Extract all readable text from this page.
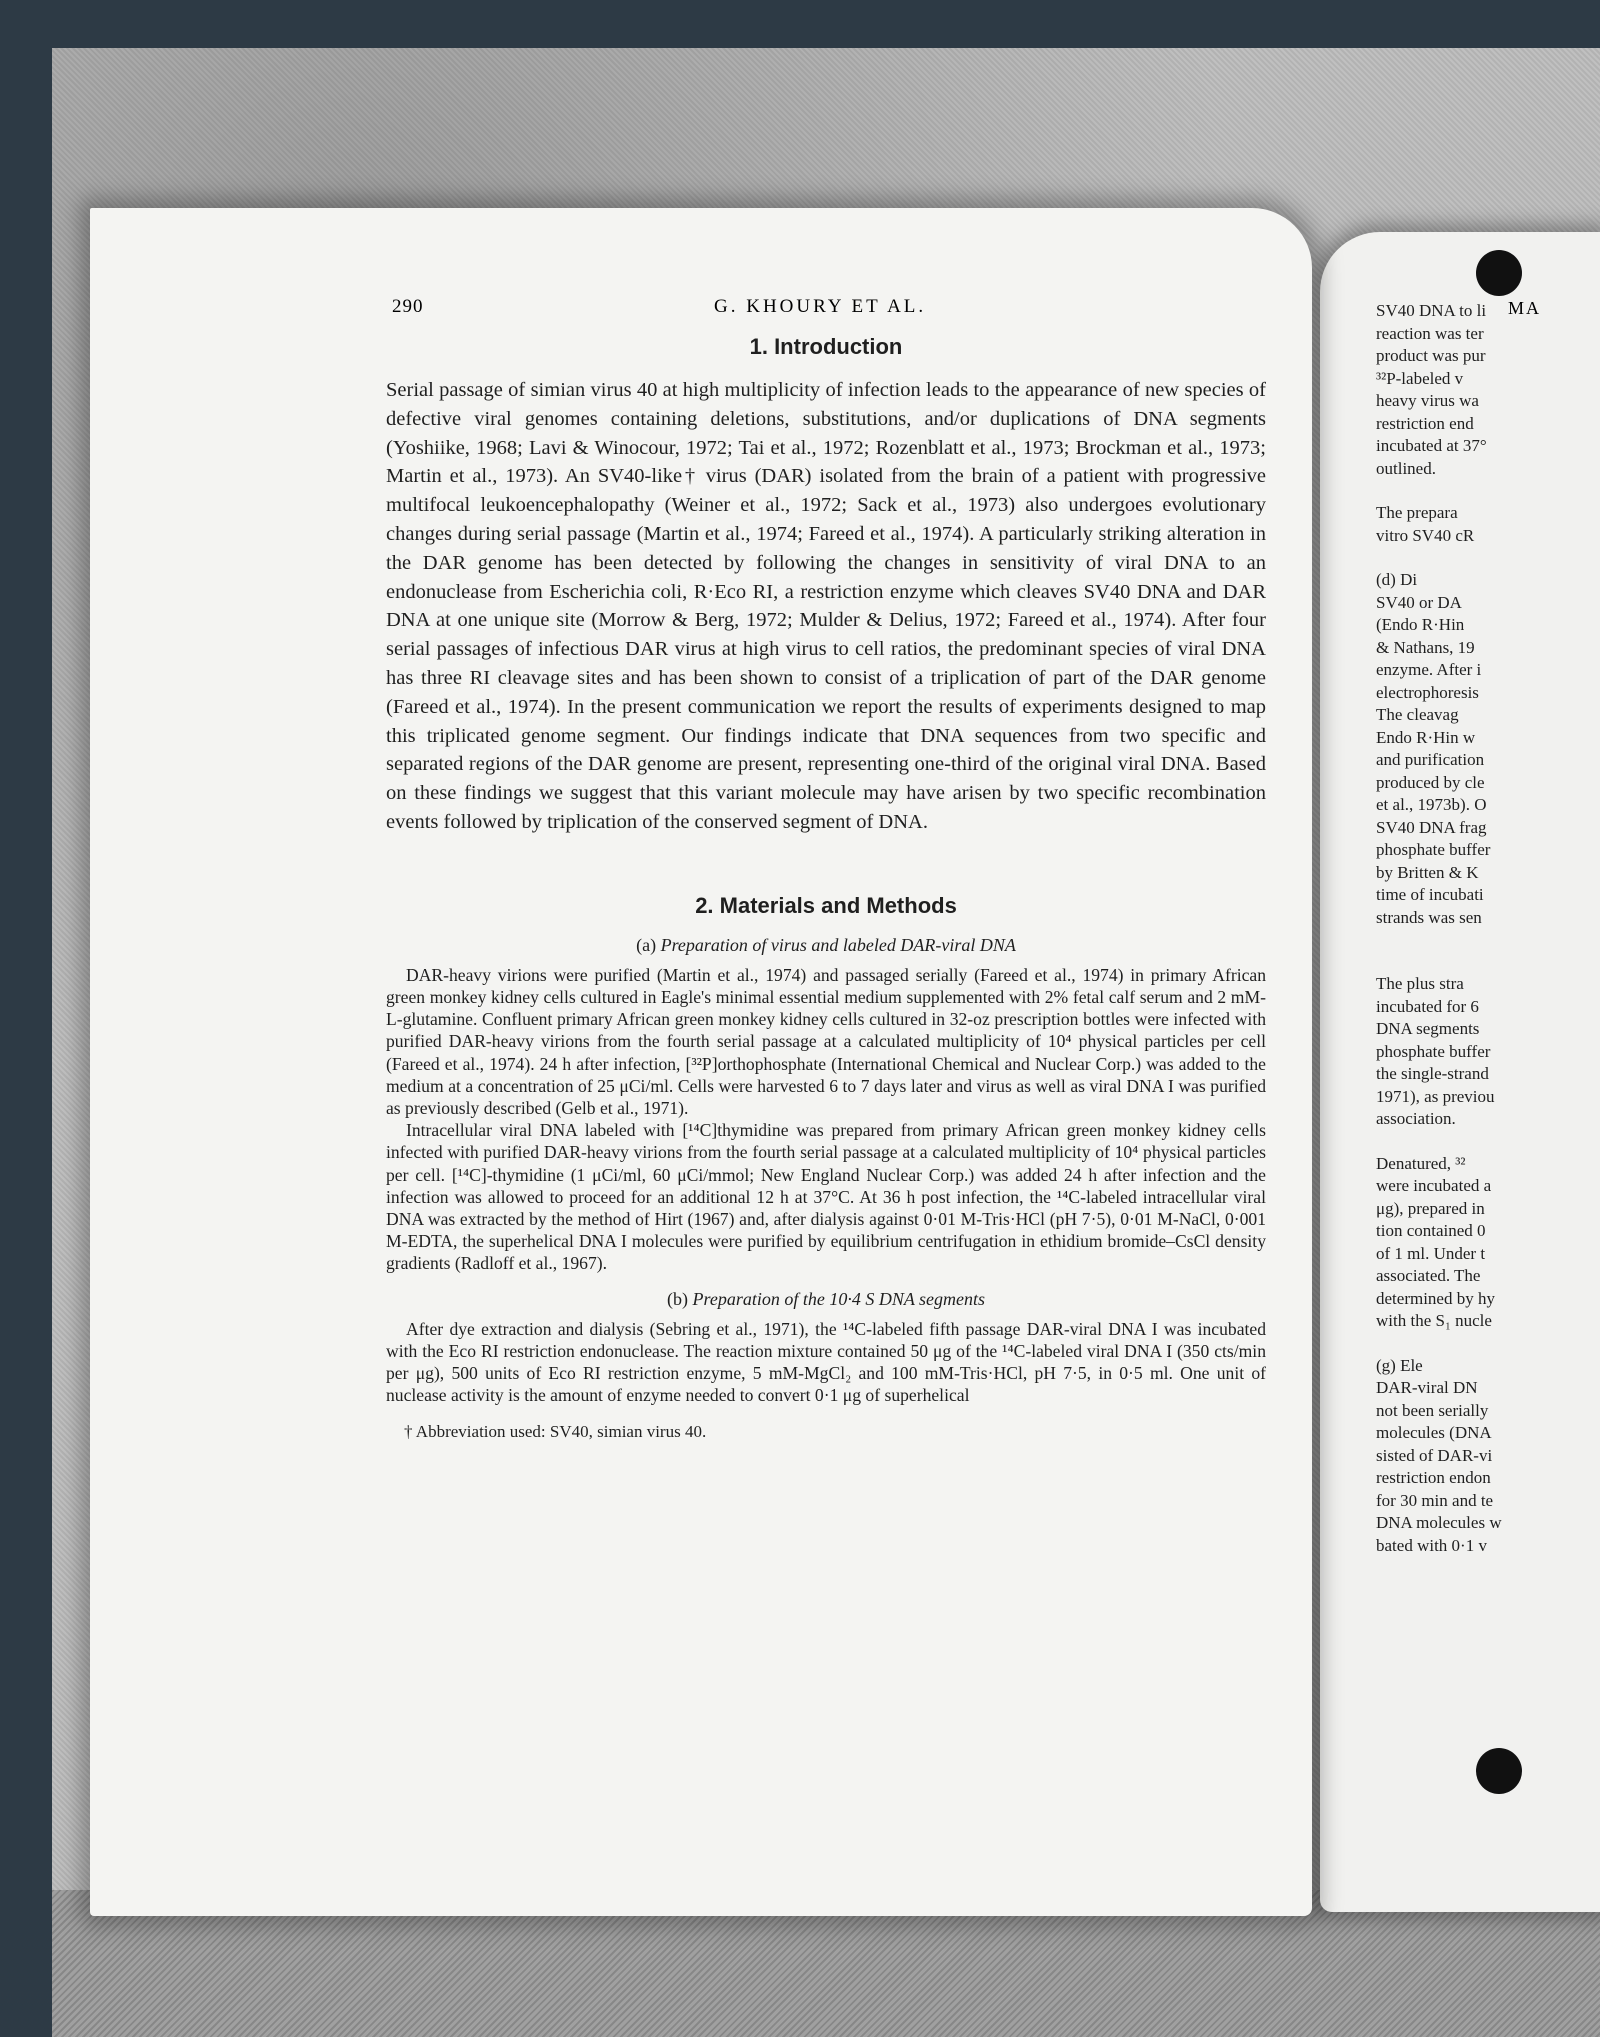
290	G. KHOURY ET AL.
1. Introduction

Serial passage of simian virus 40 at high multiplicity of infection leads to the appearance of new species of defective viral genomes containing deletions, substitutions, and/or duplications of DNA segments (Yoshiike, 1968; Lavi & Winocour, 1972; Tai et al., 1972; Rozenblatt et al., 1973; Brockman et al., 1973; Martin et al., 1973). An SV40-like† virus (DAR) isolated from the brain of a patient with progressive multifocal leukoencephalopathy (Weiner et al., 1972; Sack et al., 1973) also undergoes evolutionary changes during serial passage (Martin et al., 1974; Fareed et al., 1974). A particularly striking alteration in the DAR genome has been detected by following the changes in sensitivity of viral DNA to an endonuclease from Escherichia coli, R·Eco RI, a restriction enzyme which cleaves SV40 DNA and DAR DNA at one unique site (Morrow & Berg, 1972; Mulder & Delius, 1972; Fareed et al., 1974). After four serial passages of infectious DAR virus at high virus to cell ratios, the predominant species of viral DNA has three RI cleavage sites and has been shown to consist of a triplication of part of the DAR genome (Fareed et al., 1974). In the present communication we report the results of experiments designed to map this triplicated genome segment. Our findings indicate that DNA sequences from two specific and separated regions of the DAR genome are present, representing one-third of the original viral DNA. Based on these findings we suggest that this variant molecule may have arisen by two specific recombination events followed by triplication of the conserved segment of DNA.

2. Materials and Methods
(a) Preparation of virus and labeled DAR-viral DNA

DAR-heavy virions were purified (Martin et al., 1974) and passaged serially (Fareed et al., 1974) in primary African green monkey kidney cells cultured in Eagle's minimal essential medium supplemented with 2% fetal calf serum and 2 mM-L-glutamine. Confluent primary African green monkey kidney cells cultured in 32-oz prescription bottles were infected with purified DAR-heavy virions from the fourth serial passage at a calculated multiplicity of 10⁴ physical particles per cell (Fareed et al., 1974). 24 h after infection, [³²P]orthophosphate (International Chemical and Nuclear Corp.) was added to the medium at a concentration of 25 μCi/ml. Cells were harvested 6 to 7 days later and virus as well as viral DNA I was purified as previously described (Gelb et al., 1971).

Intracellular viral DNA labeled with [¹⁴C]thymidine was prepared from primary African green monkey kidney cells infected with purified DAR-heavy virions from the fourth serial passage at a calculated multiplicity of 10⁴ physical particles per cell. [¹⁴C]-thymidine (1 μCi/ml, 60 μCi/mmol; New England Nuclear Corp.) was added 24 h after infection and the infection was allowed to proceed for an additional 12 h at 37°C. At 36 h post infection, the ¹⁴C-labeled intracellular viral DNA was extracted by the method of Hirt (1967) and, after dialysis against 0·01 M-Tris·HCl (pH 7·5), 0·01 M-NaCl, 0·001 M-EDTA, the superhelical DNA I molecules were purified by equilibrium centrifugation in ethidium bromide–CsCl density gradients (Radloff et al., 1967).

(b) Preparation of the 10·4 S DNA segments

After dye extraction and dialysis (Sebring et al., 1971), the ¹⁴C-labeled fifth passage DAR-viral DNA I was incubated with the Eco RI restriction endonuclease. The reaction mixture contained 50 μg of the ¹⁴C-labeled viral DNA I (350 cts/min per μg), 500 units of Eco RI restriction enzyme, 5 mM-MgCl₂ and 100 mM-Tris·HCl, pH 7·5, in 0·5 ml. One unit of nuclease activity is the amount of enzyme needed to convert 0·1 μg of superhelical

† Abbreviation used: SV40, simian virus 40.
MA
SV40 DNA to li
reaction was ter
product was pur
³²P-labeled v
heavy virus wa
restriction end
incubated at 37°
outlined.
The prepara
vitro SV40 cR
(d) Di
SV40 or DA
(Endo R·Hin
& Nathans, 19
enzyme. After i
electrophoresis
The cleavag
Endo R·Hin w
and purification
produced by cle
et al., 1973b). O
SV40 DNA frag
phosphate buffer
by Britten & K
time of incubati
strands was sen
The plus stra
incubated for 6
DNA segments
phosphate buffer
the single-strand
1971), as previou
association.
Denatured, ³²
were incubated a
μg), prepared in
tion contained 0
of 1 ml. Under t
associated. The
determined by hy
with the S₁ nucle
(g) Ele
DAR-viral DN
not been serially
molecules (DNA
sisted of DAR-vi
restriction endon
for 30 min and te
DNA molecules w
bated with 0·1 v
